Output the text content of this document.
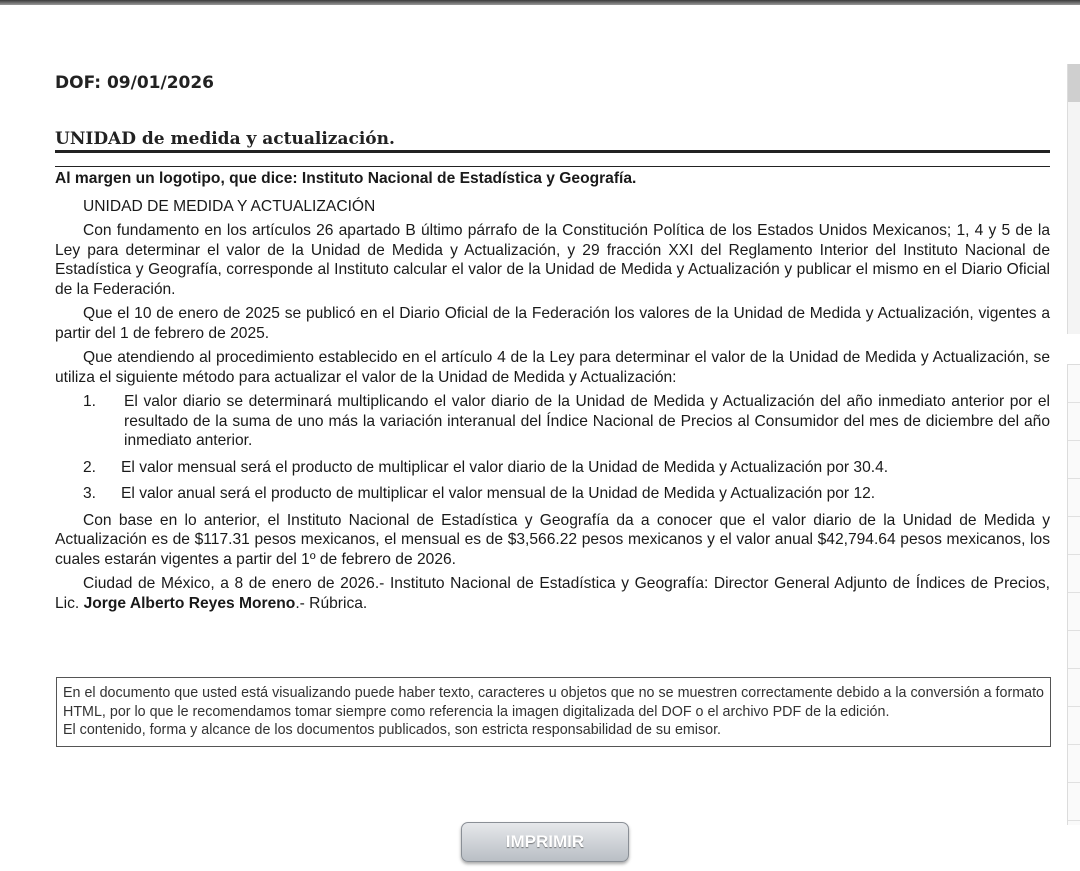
DOF: 09/01/2026
UNIDAD de medida y actualización.

Al margen un logotipo, que dice: Instituto Nacional de Estadística y Geografía.

UNIDAD DE MEDIDA Y ACTUALIZACIÓN

Con fundamento en los artículos 26 apartado B último párrafo de la Constitución Política de los Estados Unidos Mexicanos; 1, 4 y 5 de la Ley para determinar el valor de la Unidad de Medida y Actualización, y 29 fracción XXI del Reglamento Interior del Instituto Nacional de Estadística y Geografía, corresponde al Instituto calcular el valor de la Unidad de Medida y Actualización y publicar el mismo en el Diario Oficial de la Federación.

Que el 10 de enero de 2025 se publicó en el Diario Oficial de la Federación los valores de la Unidad de Medida y Actualización, vigentes a partir del 1 de febrero de 2025.

Que atendiendo al procedimiento establecido en el artículo 4 de la Ley para determinar el valor de la Unidad de Medida y Actualización, se utiliza el siguiente método para actualizar el valor de la Unidad de Medida y Actualización:

1. El valor diario se determinará multiplicando el valor diario de la Unidad de Medida y Actualización del año inmediato anterior por el resultado de la suma de uno más la variación interanual del Índice Nacional de Precios al Consumidor del mes de diciembre del año inmediato anterior.
2. El valor mensual será el producto de multiplicar el valor diario de la Unidad de Medida y Actualización por 30.4.
3. El valor anual será el producto de multiplicar el valor mensual de la Unidad de Medida y Actualización por 12.

Con base en lo anterior, el Instituto Nacional de Estadística y Geografía da a conocer que el valor diario de la Unidad de Medida y Actualización es de $117.31 pesos mexicanos, el mensual es de $3,566.22 pesos mexicanos y el valor anual $42,794.64 pesos mexicanos, los cuales estarán vigentes a partir del 1º de febrero de 2026.

Ciudad de México, a 8 de enero de 2026.- Instituto Nacional de Estadística y Geografía: Director General Adjunto de Índices de Precios, Lic. Jorge Alberto Reyes Moreno.- Rúbrica.

En el documento que usted está visualizando puede haber texto, caracteres u objetos que no se muestren correctamente debido a la conversión a formato HTML, por lo que le recomendamos tomar siempre como referencia la imagen digitalizada del DOF o el archivo PDF de la edición.

El contenido, forma y alcance de los documentos publicados, son estricta responsabilidad de su emisor.

IMPRIMIR
